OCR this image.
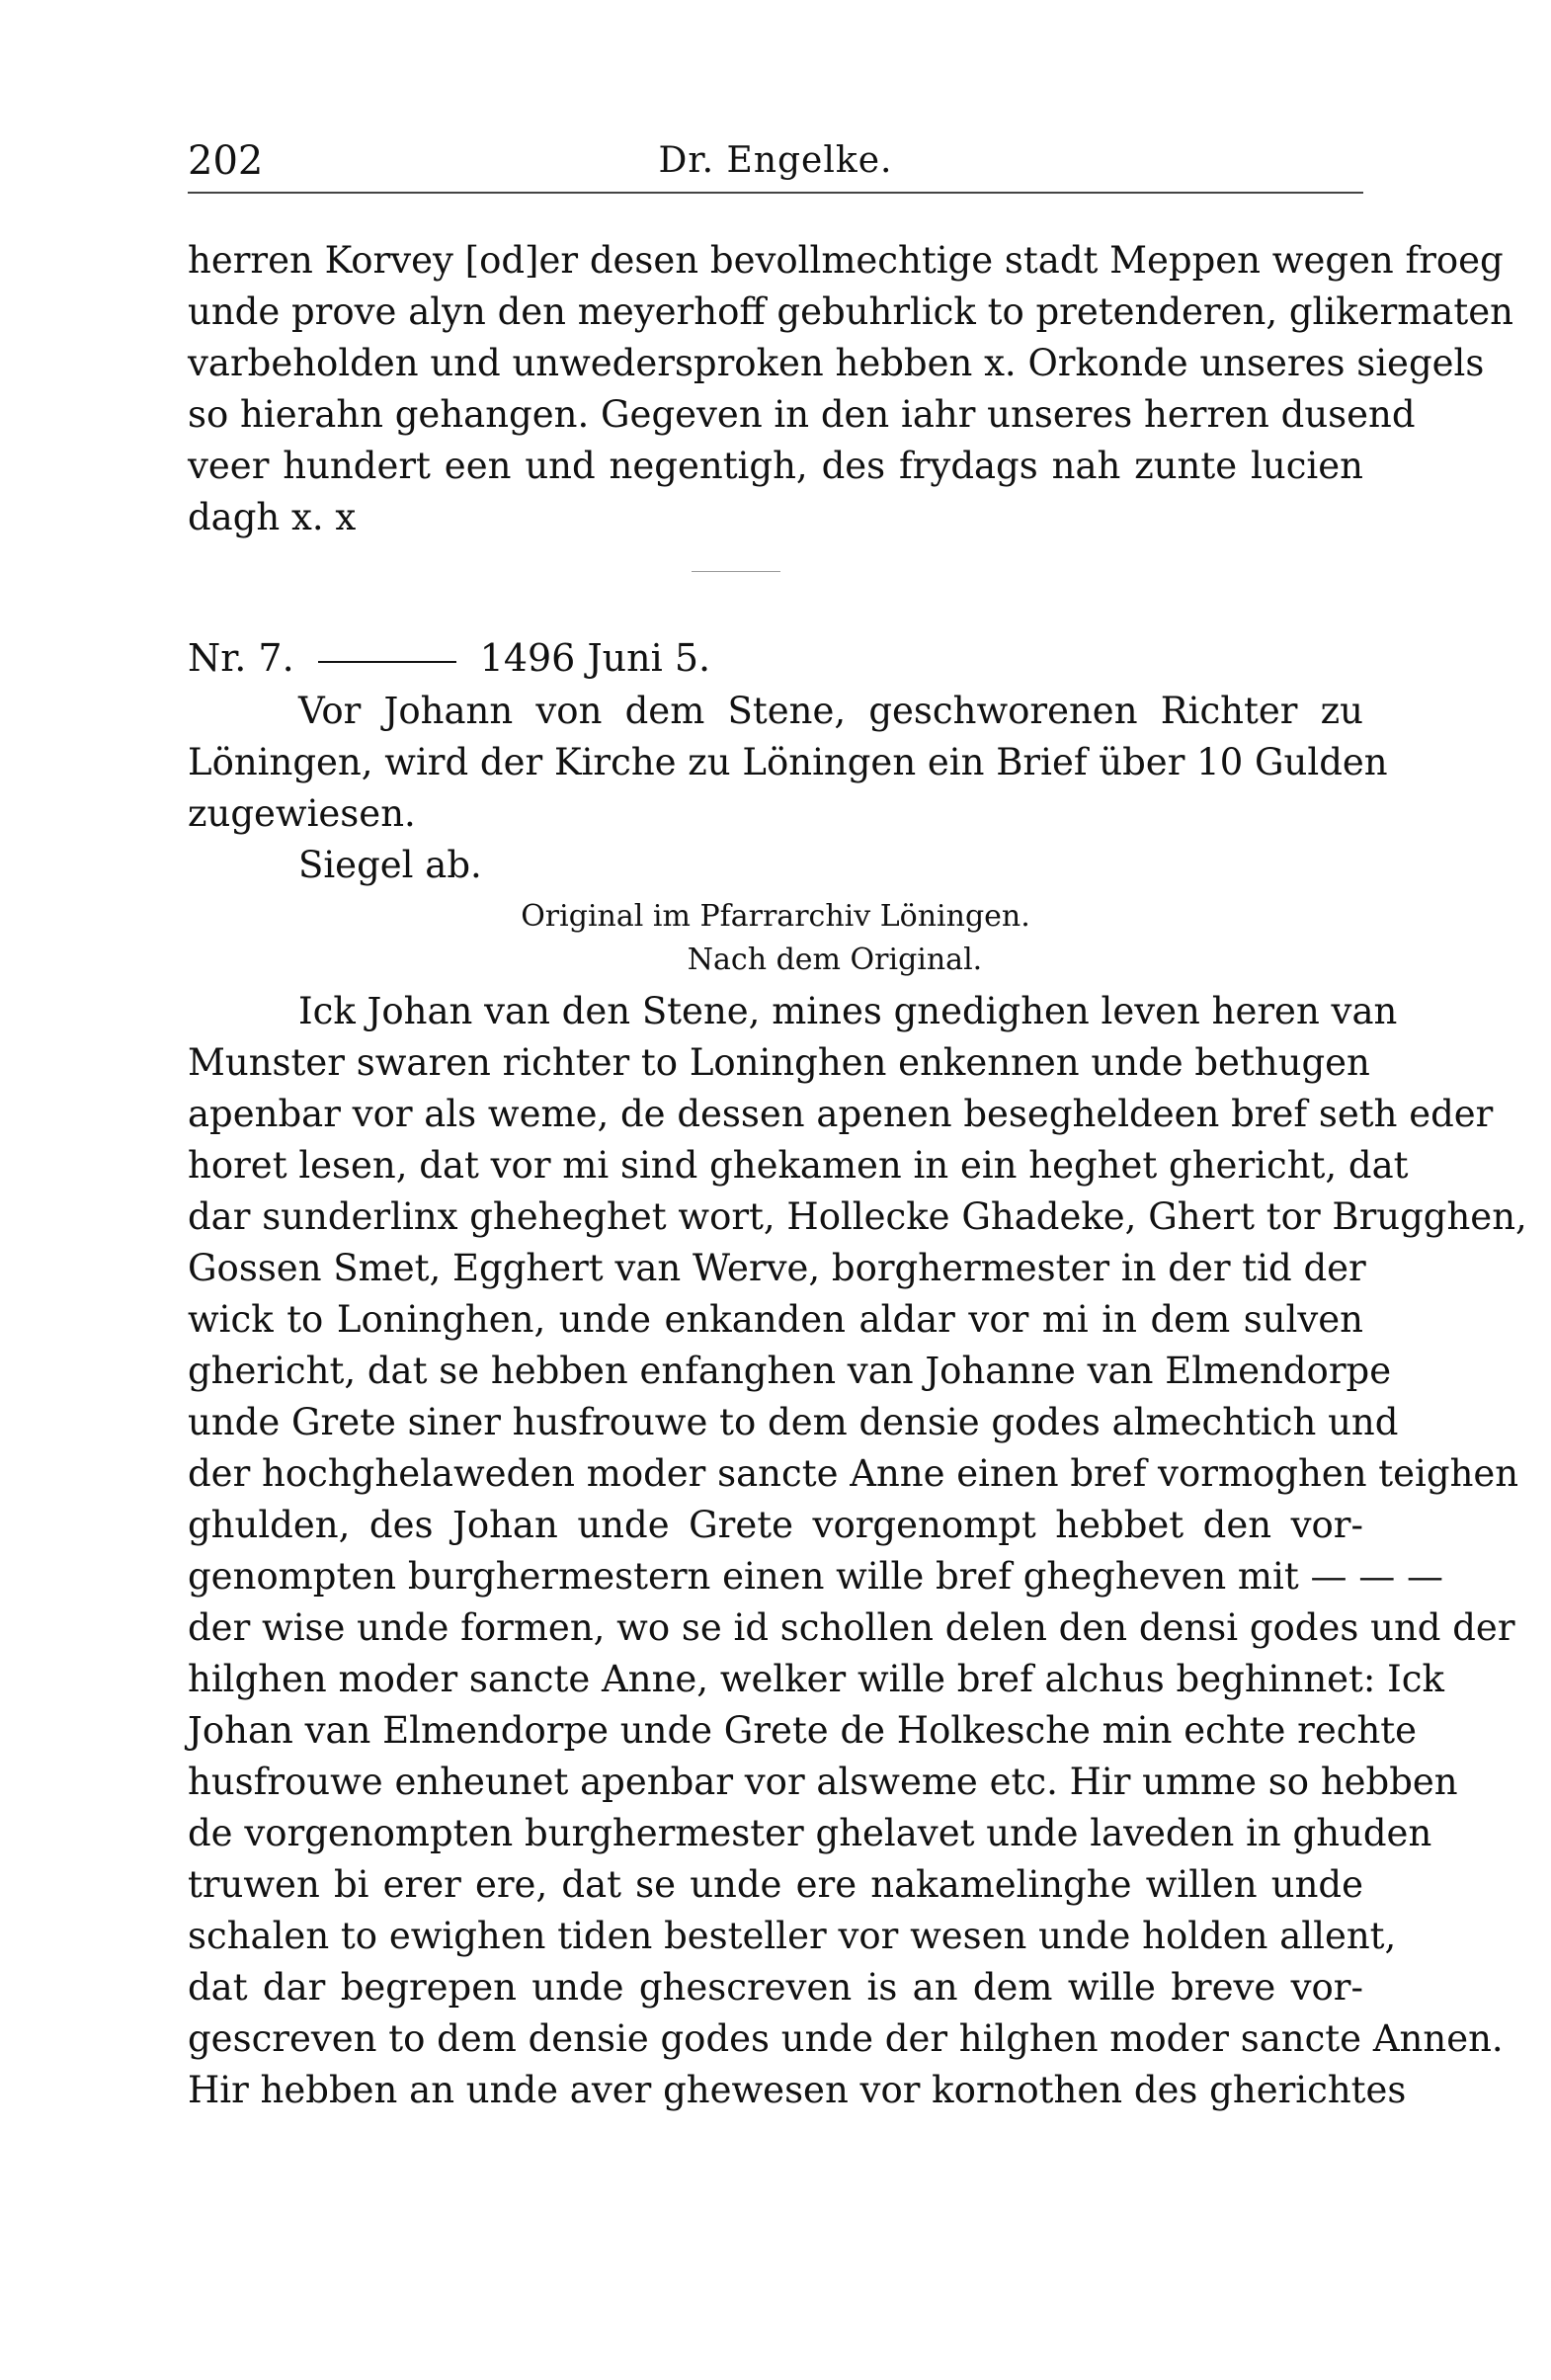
202	Dr. Engelke.
herren Korvey [od]er desen bevollmechtige stadt Meppen wegen froeg
unde prove alyn den meyerhoff gebuhrlick to pretenderen, glikermaten
varbeholden und unwedersproken hebben x. Orkonde unseres siegels
so hierahn gehangen. Gegeven in den iahr unseres herren dusend
veer hundert een und negentigh, des frydags nah zunte lucien
dagh x. x
Nr. 7.	1496 Juni 5.
Vor Johann von dem Stene, geschworenen Richter zu
Löningen, wird der Kirche zu Löningen ein Brief über 10 Gulden
zugewiesen.
Siegel ab.
Original im Pfarrarchiv Löningen.
Nach dem Original.
Ick Johan van den Stene, mines gnedighen leven heren van
Munster swaren richter to Loninghen enkennen unde bethugen
apenbar vor als weme, de dessen apenen besegheldeen bref seth eder
horet lesen, dat vor mi sind ghekamen in ein heghet ghericht, dat
dar sunderlinx gheheghet wort, Hollecke Ghadeke, Ghert tor Brugghen,
Gossen Smet, Egghert van Werve, borghermester in der tid der
wick to Loninghen, unde enkanden aldar vor mi in dem sulven
ghericht, dat se hebben enfanghen van Johanne van Elmendorpe
unde Grete siner husfrouwe to dem densie godes almechtich und
der hochghelaweden moder sancte Anne einen bref vormoghen teighen
ghulden, des Johan unde Grete vorgenompt hebbet den vor-
genompten burghermestern einen wille bref ghegheven mit — — —
der wise unde formen, wo se id schollen delen den densi godes und der
hilghen moder sancte Anne, welker wille bref alchus beghinnet: Ick
Johan van Elmendorpe unde Grete de Holkesche min echte rechte
husfrouwe enheunet apenbar vor alsweme etc. Hir umme so hebben
de vorgenompten burghermester ghelavet unde laveden in ghuden
truwen bi erer ere, dat se unde ere nakamelinghe willen unde
schalen to ewighen tiden besteller vor wesen unde holden allent,
dat dar begrepen unde ghescreven is an dem wille breve vor-
gescreven to dem densie godes unde der hilghen moder sancte Annen.
Hir hebben an unde aver ghewesen vor kornothen des gherichtes
